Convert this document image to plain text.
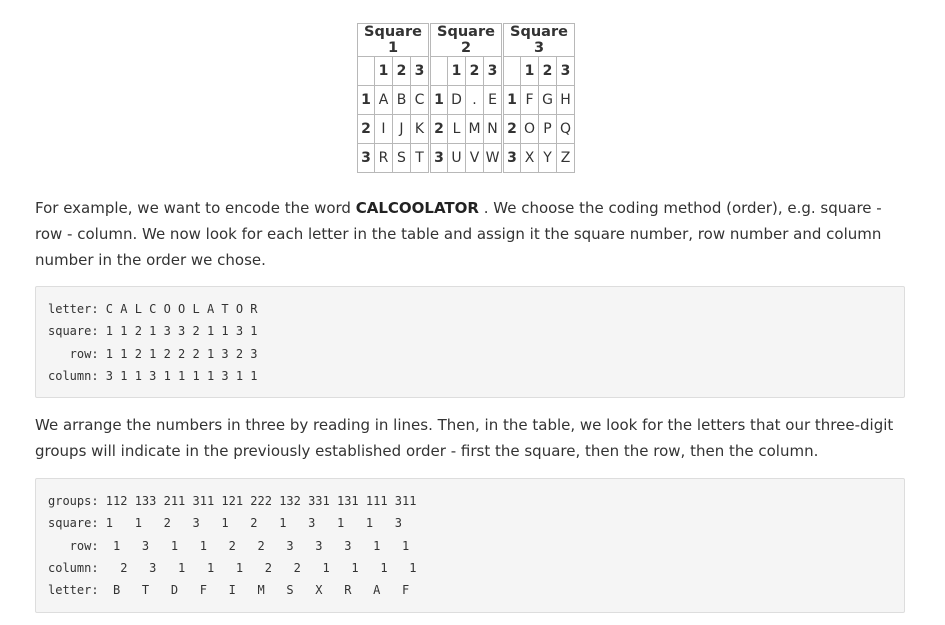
Square 1				Square 2				Square 3			
	1	2	3		1	2	3		1	2	3
1	A	B	C	1	D	.	E	1	F	G	H
2	I	J	K	2	L	M	N	2	O	P	Q
3	R	S	T	3	U	V	W	3	X	Y	Z

For example, we want to encode the word CALCOOLATOR . We choose the coding method (order), e.g. square - row - column. We now look for each letter in the table and assign it the square number, row number and column number in the order we chose.

letter: C A L C O O L A T O R
square: 1 1 2 1 3 3 2 1 1 3 1
row: 1 1 2 1 2 2 2 1 3 2 3
column: 3 1 1 3 1 1 1 1 3 1 1

We arrange the numbers in three by reading in lines. Then, in the table, we look for the letters that our three-digit groups will indicate in the previously established order - first the square, then the row, then the column.

groups: 112 133 211 311 121 222 132 331 131 111 311
square: 1   1   2   3   1   2   1   3   1   1   3
row:  1   3   1   1   2   2   3   3   3   1   1
column:   2   3   1   1   1   2   2   1   1   1   1
letter:  B   T   D   F   I   M   S   X   R   A   F
